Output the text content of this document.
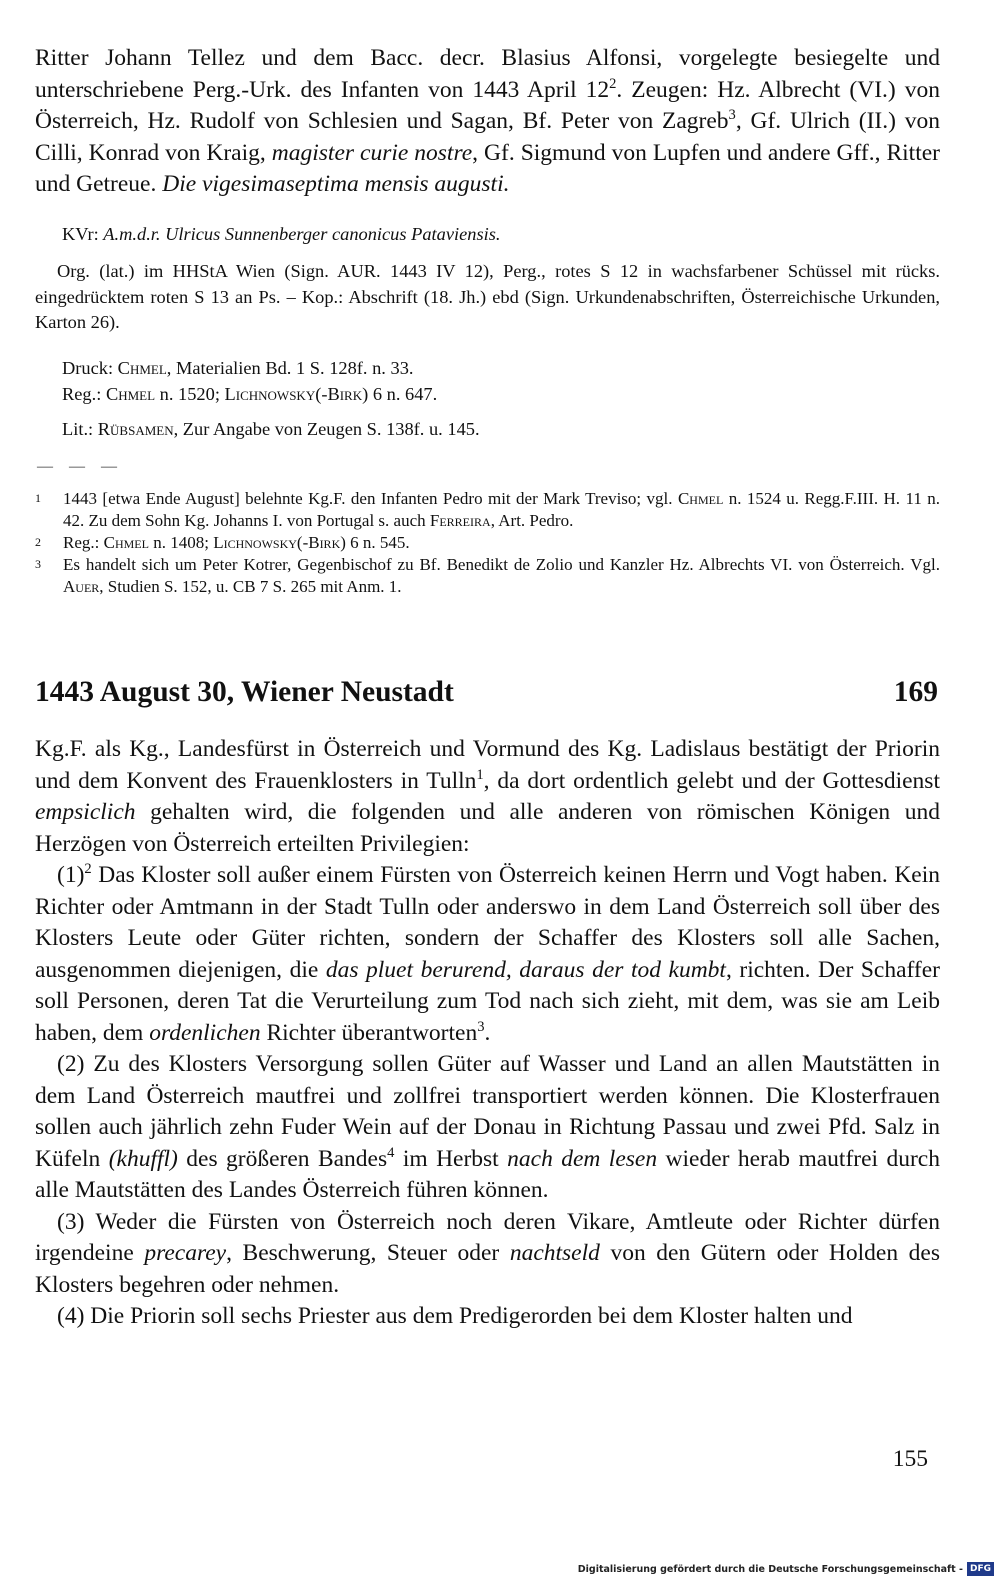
Ritter Johann Tellez und dem Bacc. decr. Blasius Alfonsi, vorgelegte besiegelte und unterschriebene Perg.-Urk. des Infanten von 1443 April $12^2$. Zeugen: Hz. Albrecht (VI.) von Österreich, Hz. Rudolf von Schlesien und Sagan, Bf. Peter von Zagreb$^3$, Gf. Ulrich (II.) von Cilli, Konrad von Kraig, magister curie nostre, Gf. Sigmund von Lupfen und andere Gff., Ritter und Getreue. Die vigesimaseptima mensis augusti.

KVr: A.m.d.r. Ulricus Sunnenberger canonicus Pataviensis.

Org. (lat.) im HHStA Wien (Sign. AUR. 1443 IV 12), Perg., rotes S 12 in wachsfarbener Schüssel mit rücks. eingedrücktem roten S 13 an Ps. – Kop.: Abschrift (18. Jh.) ebd (Sign. Urkundenabschriften, Österreichische Urkunden, Karton 26).

Druck: Chmel, Materialien Bd. 1 S. 128f. n. 33.

Reg.: Chmel n. 1520; Lichnowsky(-Birk) 6 n. 647.

Lit.: Rübsamen, Zur Angabe von Zeugen S. 138f. u. 145.

— — —
1	1443 [etwa Ende August] belehnte Kg.F. den Infanten Pedro mit der Mark Treviso; vgl. Chmel n. 1524 u. Regg.F.III. H. 11 n. 42. Zu dem Sohn Kg. Johanns I. von Portugal s. auch Ferreira, Art. Pedro.
2	Reg.: Chmel n. 1408; Lichnowsky(-Birk) 6 n. 545.
3	Es handelt sich um Peter Kotrer, Gegenbischof zu Bf. Benedikt de Zolio und Kanzler Hz. Albrechts VI. von Österreich. Vgl. Auer, Studien S. 152, u. CB 7 S. 265 mit Anm. 1.
1443 August 30, Wiener Neustadt	169

Kg.F. als Kg., Landesfürst in Österreich und Vormund des Kg. Ladislaus bestätigt der Priorin und dem Konvent des Frauenklosters in Tulln$^1$, da dort ordentlich gelebt und der Gottesdienst empsiclich gehalten wird, die folgenden und alle anderen von römischen Königen und Herzögen von Österreich erteilten Privilegien:

$(1)^2$ Das Kloster soll außer einem Fürsten von Österreich keinen Herrn und Vogt haben. Kein Richter oder Amtmann in der Stadt Tulln oder anderswo in dem Land Österreich soll über des Klosters Leute oder Güter richten, sondern der Schaffer des Klosters soll alle Sachen, ausgenommen diejenigen, die das pluet berurend, daraus der tod kumbt, richten. Der Schaffer soll Personen, deren Tat die Verurteilung zum Tod nach sich zieht, mit dem, was sie am Leib haben, dem ordenlichen Richter überantworten$^3$.

(2) Zu des Klosters Versorgung sollen Güter auf Wasser und Land an allen Mautstätten in dem Land Österreich mautfrei und zollfrei transportiert werden können. Die Klosterfrauen sollen auch jährlich zehn Fuder Wein auf der Donau in Richtung Passau und zwei Pfd. Salz in Küfeln (khuffl) des größeren Bandes$^4$ im Herbst nach dem lesen wieder herab mautfrei durch alle Mautstätten des Landes Österreich führen können.

(3) Weder die Fürsten von Österreich noch deren Vikare, Amtleute oder Richter dürfen irgendeine precarey, Beschwerung, Steuer oder nachtseld von den Gütern oder Holden des Klosters begehren oder nehmen.

(4) Die Priorin soll sechs Priester aus dem Predigerorden bei dem Kloster halten und

155
Digitalisierung gefördert durch die Deutsche Forschungsgemeinschaft - DFG
